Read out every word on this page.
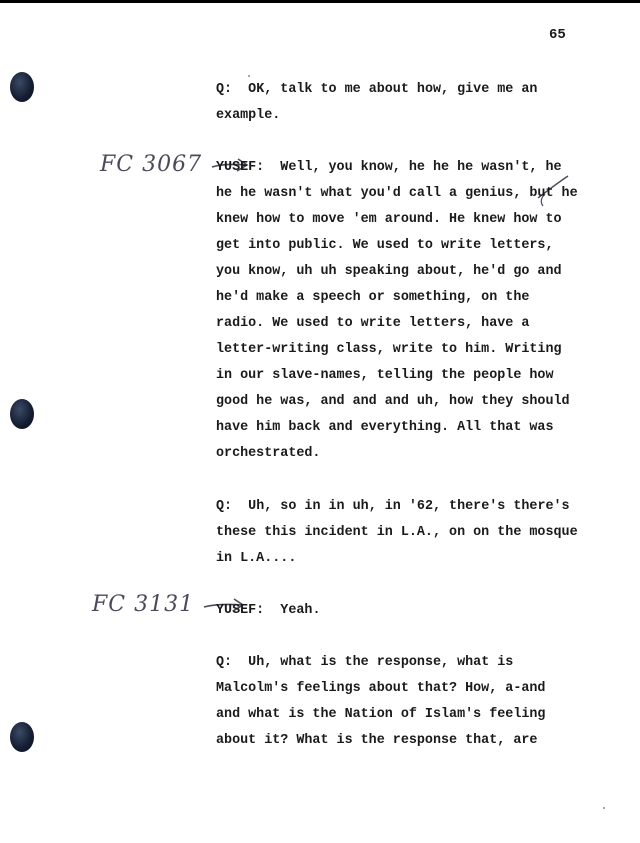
65
FC 3067
FC 3131
Q: OK, talk to me about how, give me an
example.
YUSEF: Well, you know, he he he wasn't, he
he he wasn't what you'd call a genius, but he
knew how to move 'em around. He knew how to
get into public. We used to write letters,
you know, uh uh speaking about, he'd go and
he'd make a speech or something, on the
radio. We used to write letters, have a
letter-writing class, write to him. Writing
in our slave-names, telling the people how
good he was, and and and uh, how they should
have him back and everything. All that was
orchestrated.
Q: Uh, so in in uh, in '62, there's there's
these this incident in L.A., on on the mosque
in L.A....
YUSEF: Yeah.
Q: Uh, what is the response, what is
Malcolm's feelings about that? How, a-and
and what is the Nation of Islam's feeling
about it? What is the response that, are
